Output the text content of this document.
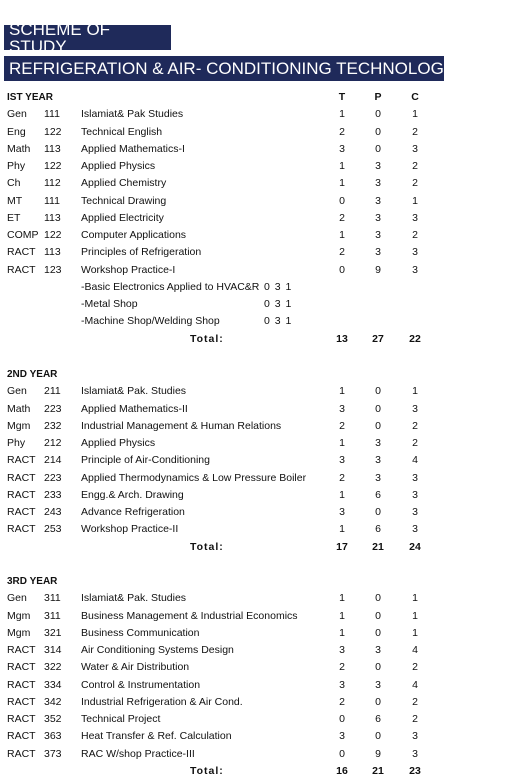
SCHEME OF STUDY
REFRIGERATION & AIR- CONDITIONING TECHNOLOGY
IST YEAR	T	P	C
Gen 111 Islamiat& Pak Studies	1	0	1
Eng 122 Technical English	2	0	2
Math 113 Applied Mathematics-I	3	0	3
Phy 122 Applied Physics	1	3	2
Ch 112 Applied Chemistry	1	3	2
MT 111 Technical Drawing	0	3	1
ET 113 Applied Electricity	2	3	3
COMP 122 Computer Applications	1	3	2
RACT 113 Principles of Refrigeration	2	3	3
RACT 123 Workshop Practice-I	0	9	3
-Basic Electronics Applied to HVAC&R 0 3 1
-Metal Shop	0 3 1
-Machine Shop/Welding Shop	0 3 1
Total:	13	27	22
2ND YEAR
Gen 211 Islamiat& Pak. Studies	1	0	1
Math 223 Applied Mathematics-II	3	0	3
Mgm 232 Industrial Management & Human Relations	2	0	2
Phy 212 Applied Physics	1	3	2
RACT 214 Principle of Air-Conditioning	3	3	4
RACT 223 Applied Thermodynamics & Low Pressure Boiler	2	3	3
RACT 233 Engg.& Arch. Drawing	1	6	3
RACT 243 Advance Refrigeration	3	0	3
RACT 253 Workshop Practice-II	1	6	3
Total:	17	21	24
3RD YEAR
Gen 311 Islamiat& Pak. Studies	1	0	1
Mgm 311 Business Management & Industrial Economics	1	0	1
Mgm 321 Business Communication	1	0	1
RACT 314 Air Conditioning Systems Design	3	3	4
RACT 322 Water & Air Distribution	2	0	2
RACT 334 Control & Instrumentation	3	3	4
RACT 342 Industrial Refrigeration & Air Cond.	2	0	2
RACT 352 Technical Project	0	6	2
RACT 363 Heat Transfer & Ref. Calculation	3	0	3
RACT 373 RAC W/shop Practice-III	0	9	3
Total:	16	21	23
